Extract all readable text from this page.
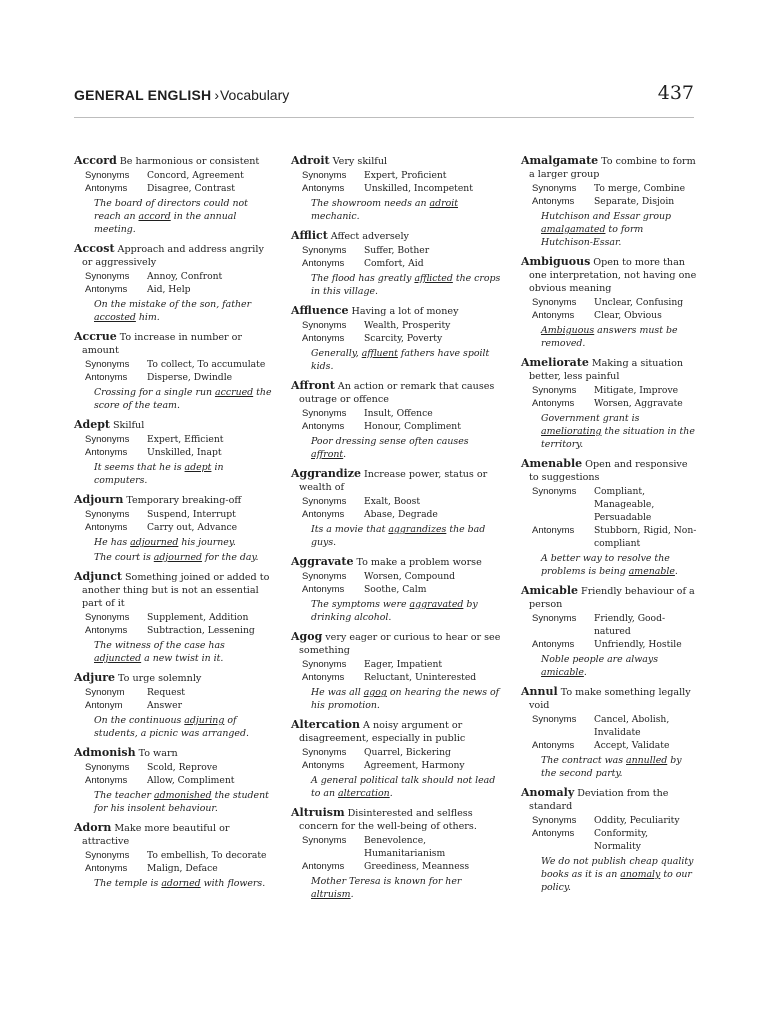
GENERAL ENGLISH ›Vocabulary	437
Accord Be harmonious or consistent
Synonyms	Concord, Agreement
Antonyms	Disagree, Contrast
The board of directors could not reach an accord in the annual meeting.
Accost Approach and address angrily or aggressively
Synonyms	Annoy, Confront
Antonyms	Aid, Help
On the mistake of the son, father accosted him.
Accrue To increase in number or amount
Synonyms	To collect, To accumulate
Antonyms	Disperse, Dwindle
Crossing for a single run accrued the score of the team.
Adept Skilful
Synonyms	Expert, Efficient
Antonyms	Unskilled, Inapt
It seems that he is adept in computers.
Adjourn Temporary breaking-off
Synonyms	Suspend, Interrupt
Antonyms	Carry out, Advance
He has adjourned his journey.
The court is adjourned for the day.
Adjunct Something joined or added to another thing but is not an essential part of it
Synonyms	Supplement, Addition
Antonyms	Subtraction, Lessening
The witness of the case has adjuncted a new twist in it.
Adjure To urge solemnly
Synonym	Request
Antonym	Answer
On the continuous adjuring of students, a picnic was arranged.
Admonish To warn
Synonyms	Scold, Reprove
Antonyms	Allow, Compliment
The teacher admonished the student for his insolent behaviour.
Adorn Make more beautiful or attractive
Synonyms	To embellish, To decorate
Antonyms	Malign, Deface
The temple is adorned with flowers.
Adroit Very skilful
Synonyms	Expert, Proficient
Antonyms	Unskilled, Incompetent
The showroom needs an adroit mechanic.
Afflict Affect adversely
Synonyms	Suffer, Bother
Antonyms	Comfort, Aid
The flood has greatly afflicted the crops in this village.
Affluence Having a lot of money
Synonyms	Wealth, Prosperity
Antonyms	Scarcity, Poverty
Generally, affluent fathers have spoilt kids.
Affront An action or remark that causes outrage or offence
Synonyms	Insult, Offence
Antonyms	Honour, Compliment
Poor dressing sense often causes affront.
Aggrandize Increase power, status or wealth of
Synonyms	Exalt, Boost
Antonyms	Abase, Degrade
Its a movie that aggrandizes the bad guys.
Aggravate To make a problem worse
Synonyms	Worsen, Compound
Antonyms	Soothe, Calm
The symptoms were aggravated by drinking alcohol.
Agog very eager or curious to hear or see something
Synonyms	Eager, Impatient
Antonyms	Reluctant, Uninterested
He was all agog on hearing the news of his promotion.
Altercation A noisy argument or disagreement, especially in public
Synonyms	Quarrel, Bickering
Antonyms	Agreement, Harmony
A general political talk should not lead to an altercation.
Altruism Disinterested and selfless concern for the well-being of others.
Synonyms	Benevolence, Humanitarianism
Antonyms	Greediness, Meanness
Mother Teresa is known for her altruism.
Amalgamate To combine to form a larger group
Synonyms	To merge, Combine
Antonyms	Separate, Disjoin
Hutchison and Essar group amalgamated to form Hutchison-Essar.
Ambiguous Open to more than one interpretation, not having one obvious meaning
Synonyms	Unclear, Confusing
Antonyms	Clear, Obvious
Ambiguous answers must be removed.
Ameliorate Making a situation better, less painful
Synonyms	Mitigate, Improve
Antonyms	Worsen, Aggravate
Government grant is ameliorating the situation in the territory.
Amenable Open and responsive to suggestions
Synonyms	Compliant, Manageable, Persuadable
Antonyms	Stubborn, Rigid, Non-compliant
A better way to resolve the problems is being amenable.
Amicable Friendly behaviour of a person
Synonyms	Friendly, Good-natured
Antonyms	Unfriendly, Hostile
Noble people are always amicable.
Annul To make something legally void
Synonyms	Cancel, Abolish, Invalidate
Antonyms	Accept, Validate
The contract was annulled by the second party.
Anomaly Deviation from the standard
Synonyms	Oddity, Peculiarity
Antonyms	Conformity, Normality
We do not publish cheap quality books as it is an anomaly to our policy.
